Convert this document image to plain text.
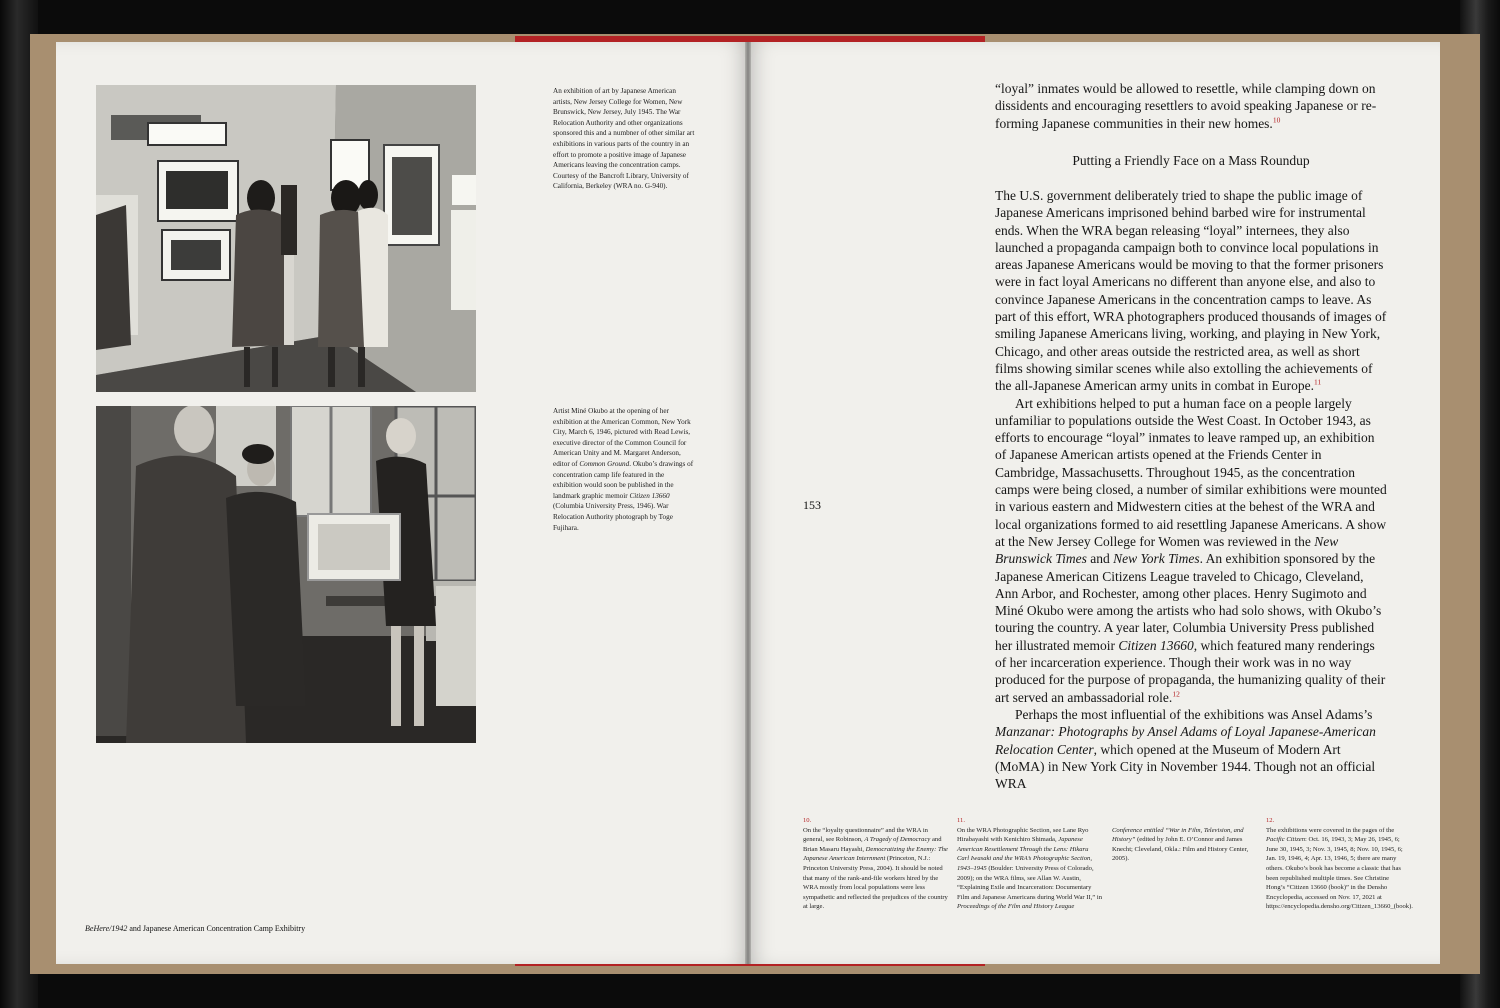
An exhibition of art by Japanese American artists, New Jersey College for Women, New Brunswick, New Jersey, July 1945. The War Relocation Authority and other organizations sponsored this and a numbner of other similar art exhibitions in various parts of the country in an effort to promote a positive image of Japanese Americans leaving the concentration camps. Courtesy of the Bancroft Library, University of California, Berkeley (WRA no. G-940).
Artist Miné Okubo at the opening of her exhibition at the American Common, New York City, March 6, 1946, pictured with Read Lewis, executive director of the Common Council for American Unity and M. Margaret Anderson, editor of Common Ground. Okubo’s drawings of concentration camp life featured in the exhibition would soon be published in the landmark graphic memoir Citizen 13660 (Columbia University Press, 1946). War Relocation Authority photograph by Toge Fujihara.
BeHere/1942 and Japanese American Concentration Camp Exhibitry
153

“loyal” inmates would be allowed to resettle, while clamping down on dissidents and encouraging resettlers to avoid speaking Japanese or re-forming Japanese communities in their new homes.$^{10}$

Putting a Friendly Face on a Mass Roundup

The U.S. government deliberately tried to shape the public image of Japanese Americans imprisoned behind barbed wire for instrumental ends. When the WRA began releasing “loyal” internees, they also launched a propaganda campaign both to convince local populations in areas Japanese Americans would be moving to that the former prisoners were in fact loyal Americans no different than anyone else, and also to convince Japanese Americans in the concentration camps to leave. As part of this effort, WRA photographers produced thousands of images of smiling Japanese Americans living, working, and playing in New York, Chicago, and other areas outside the restricted area, as well as short films showing similar scenes while also extolling the achievements of the all-Japanese American army units in combat in Europe.$^{11}$

Art exhibitions helped to put a human face on a people largely unfamiliar to populations outside the West Coast. In October 1943, as efforts to encourage “loyal” inmates to leave ramped up, an exhibition of Japanese American artists opened at the Friends Center in Cambridge, Massachusetts. Throughout 1945, as the concentration camps were being closed, a number of similar exhibitions were mounted in various eastern and Midwestern cities at the behest of the WRA and local organizations formed to aid resettling Japanese Americans. A show at the New Jersey College for Women was reviewed in the New Brunswick Times and New York Times. An exhibition sponsored by the Japanese American Citizens League traveled to Chicago, Cleveland, Ann Arbor, and Rochester, among other places. Henry Sugimoto and Miné Okubo were among the artists who had solo shows, with Okubo’s touring the country. A year later, Columbia University Press published her illustrated memoir Citizen 13660, which featured many renderings of her incarceration experience. Though their work was in no way produced for the purpose of propaganda, the humanizing quality of their art served an ambassadorial role.$^{12}$

Perhaps the most influential of the exhibitions was Ansel Adams’s Manzanar: Photographs by Ansel Adams of Loyal Japanese-American Relocation Center, which opened at the Museum of Modern Art (MoMA) in New York City in November 1944. Though not an official WRA

10.
On the “loyalty questionnaire” and the WRA in general, see Robinson, A Tragedy of Democracy and Brian Masaru Hayashi, Democratizing the Enemy: The Japanese American Internment (Princeton, N.J.: Princeton University Press, 2004). It should be noted that many of the rank-and-file workers hired by the WRA mostly from local populations were less sympathetic and reflected the prejudices of the country at large.
11.
On the WRA Photographic Section, see Lane Ryo Hirabayashi with Kenichiro Shimada, Japanese American Resettlement Through the Lens: Hikaru Carl Iwasaki and the WRA’s Photographic Section, 1943–1945 (Boulder: University Press of Colorado, 2009); on the WRA films, see Allan W. Austin, “Explaining Exile and Incarceration: Documentary Film and Japanese Americans during World War II,” in Proceedings of the Film and History League
Conference entitled “War in Film, Television, and History” (edited by John E. O’Connor and James Knecht; Cleveland, Okla.: Film and History Center, 2005).
12.
The exhibitions were covered in the pages of the Pacific Citizen: Oct. 16, 1943, 3; May 26, 1945, 6; June 30, 1945, 3; Nov. 3, 1945, 8; Nov. 10, 1945, 6; Jan. 19, 1946, 4; Apr. 13, 1946, 5; there are many others. Okubo’s book has become a classic that has been republished multiple times. See Christine Hong’s “Citizen 13660 (book)” in the Densho Encyclopedia, accessed on Nov. 17, 2021 at https://encyclopedia.densho.org/Citizen_13660_(book).
